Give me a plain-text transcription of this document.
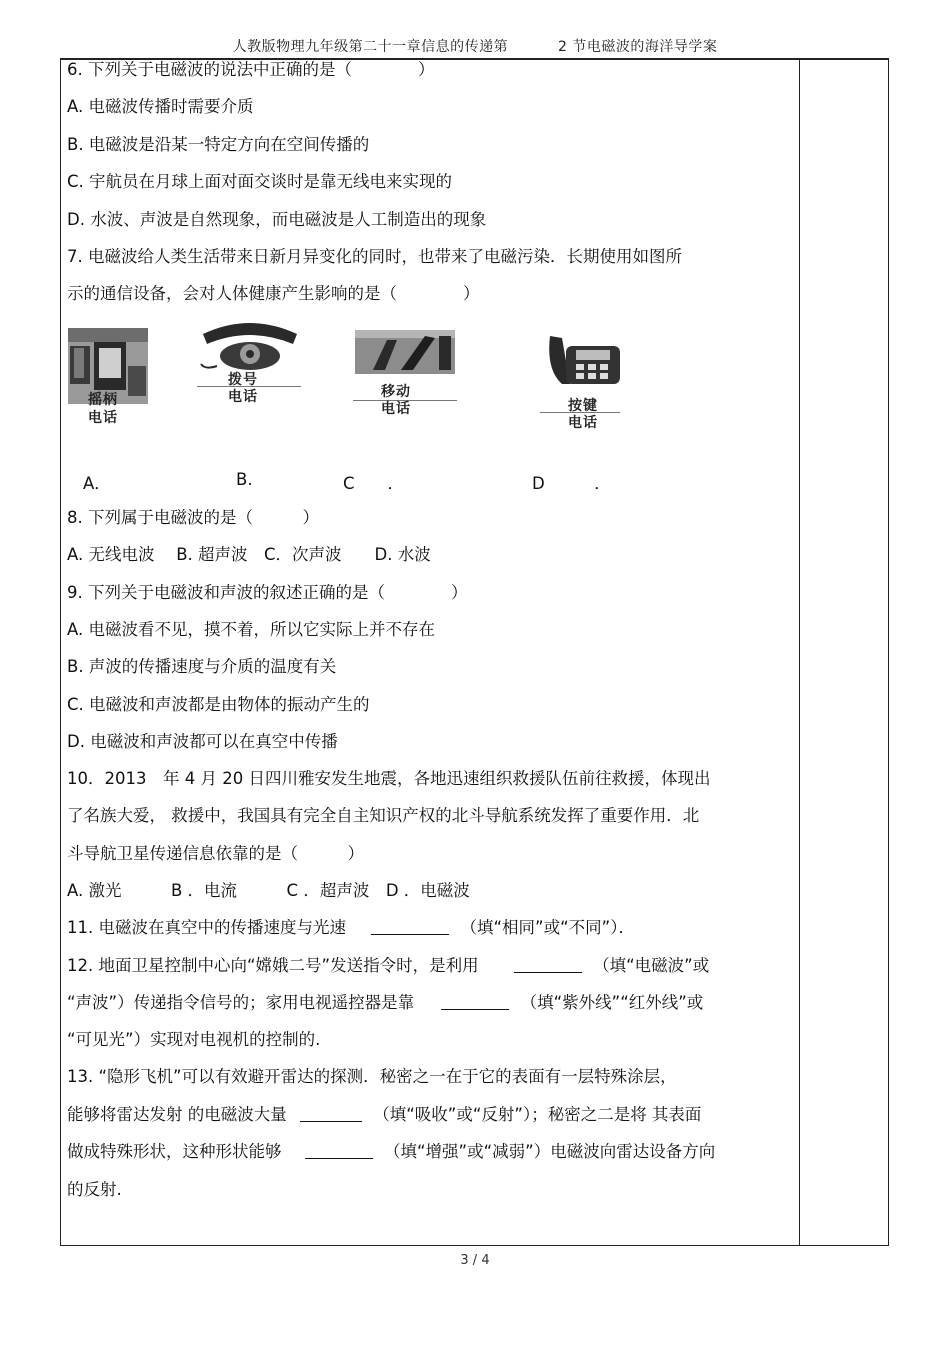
人教版物理九年级第二十一章信息的传递第	2 节电磁波的海洋导学案
6. 下列关于电磁波的说法中正确的是（　　　　）
A. 电磁波传播时需要介质
B. 电磁波是沿某一特定方向在空间传播的
C. 宇航员在月球上面对面交谈时是靠无线电来实现的
D. 水波、声波是自然现象，而电磁波是人工制造出的现象
7. 电磁波给人类生活带来日新月异变化的同时，也带来了电磁污染．长期使用如图所
示的通信设备，会对人体健康产生影响的是（　　　　）
摇柄
电话
拨号
电话	移动
电话	按键
电话
A．	B.	C　　．	D　　　．
8. 下列属于电磁波的是（　　　）
A. 无线电波　 B. 超声波　C．次声波　　D. 水波
9. 下列关于电磁波和声波的叙述正确的是（　　　　）
A. 电磁波看不见，摸不着，所以它实际上并不存在
B. 声波的传播速度与介质的温度有关
C. 电磁波和声波都是由物体的振动产生的
D. 电磁波和声波都可以在真空中传播
10．2013　年 4 月 20 日四川雅安发生地震，各地迅速组织救援队伍前往救援，体现出
了名族大爱， 救援中，我国具有完全自主知识产权的北斗导航系统发挥了重要作用．北
斗导航卫星传递信息依靠的是（　　　）
A. 激光　　　B ．电流　　　C ．超声波　D ．电磁波
11. 电磁波在真空中的传播速度与光速	（填“相同”或“不同”）．
12. 地面卫星控制中心向“嫦娥二号”发送指令时，是利用	（填“电磁波”或
“声波”）传递指令信号的；家用电视遥控器是靠	（填“紫外线”“红外线”或
“可见光”）实现对电视机的控制的.
13. “隐形飞机”可以有效避开雷达的探测．秘密之一在于它的表面有一层特殊涂层，
能够将雷达发射 的电磁波大量	（填“吸收”或“反射”）；秘密之二是将 其表面
做成特殊形状，这种形状能够	（填“增强”或“减弱”）电磁波向雷达设备方向
的反射.
3 / 4
